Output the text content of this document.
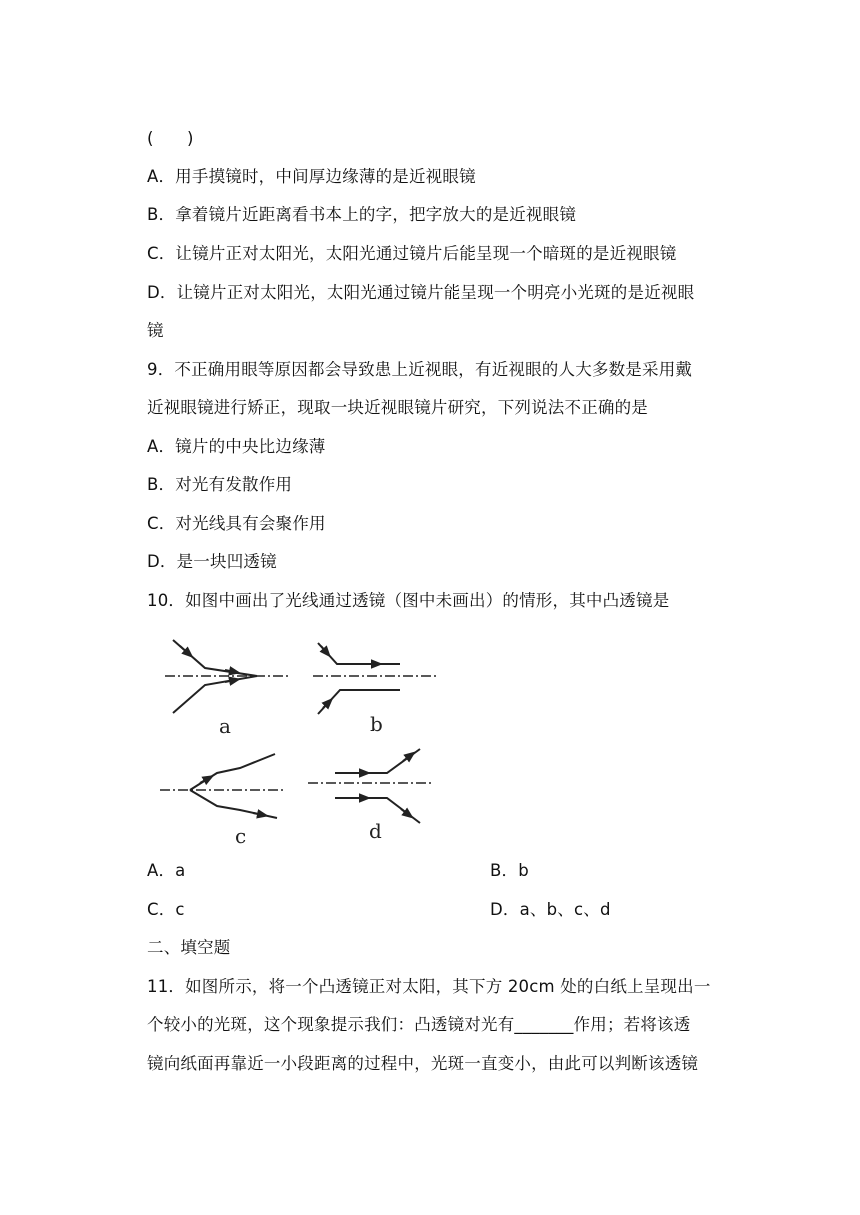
(　　)
A．用手摸镜时，中间厚边缘薄的是近视眼镜
B．拿着镜片近距离看书本上的字，把字放大的是近视眼镜
C．让镜片正对太阳光，太阳光通过镜片后能呈现一个暗斑的是近视眼镜
D．让镜片正对太阳光，太阳光通过镜片能呈现一个明亮小光斑的是近视眼
镜
9．不正确用眼等原因都会导致患上近视眼，有近视眼的人大多数是采用戴
近视眼镜进行矫正，现取一块近视眼镜片研究，下列说法不正确的是
A．镜片的中央比边缘薄
B．对光有发散作用
C．对光线具有会聚作用
D．是一块凹透镜
10．如图中画出了光线通过透镜（图中未画出）的情形，其中凸透镜是
a	b
c	d
A．a	B．b
C．c	D．a、b、c、d
二、填空题
11．如图所示，将一个凸透镜正对太阳，其下方 20cm 处的白纸上呈现出一
个较小的光斑，这个现象提示我们：凸透镜对光有_______作用；若将该透
镜向纸面再靠近一小段距离的过程中，光斑一直变小，由此可以判断该透镜
